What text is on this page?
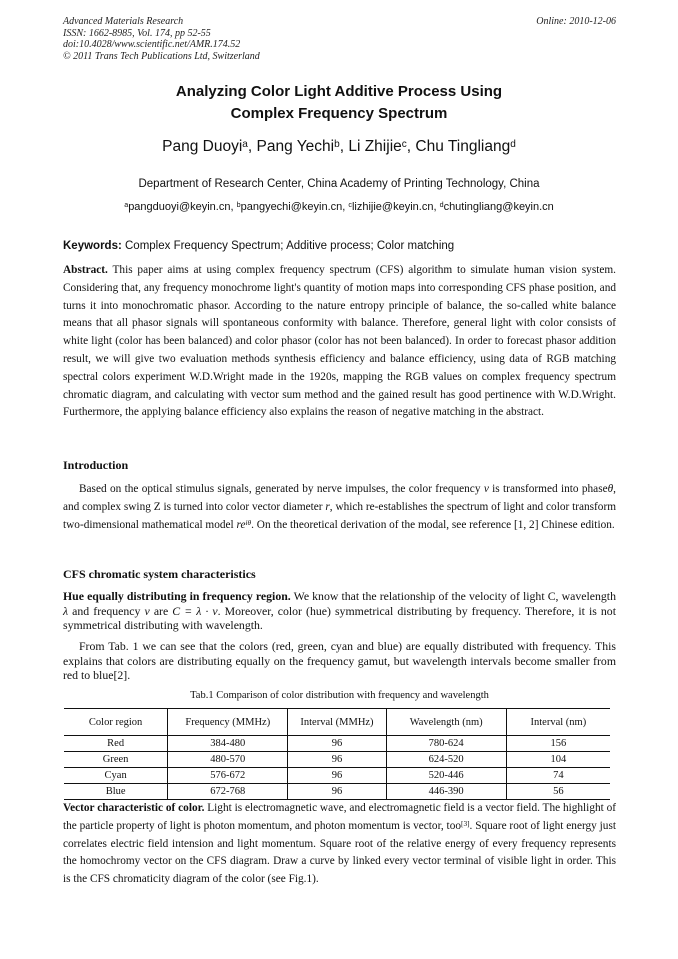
Advanced Materials Research
ISSN: 1662-8985, Vol. 174, pp 52-55
doi:10.4028/www.scientific.net/AMR.174.52
© 2011 Trans Tech Publications Ltd, Switzerland
Online: 2010-12-06
Analyzing Color Light Additive Process Using
Complex Frequency Spectrum
Pang Duoyi$^a$, Pang Yechi$^b$, Li Zhijie$^c$, Chu Tingliang$^d$
Department of Research Center, China Academy of Printing Technology, China
$^a$pangduoyi@keyin.cn, $^b$pangyechi@keyin.cn, $^c$lizhijie@keyin.cn, $^d$chutingliang@keyin.cn
Keywords: Complex Frequency Spectrum; Additive process; Color matching
Abstract. This paper aims at using complex frequency spectrum (CFS) algorithm to simulate human vision system. Considering that, any frequency monochrome light's quantity of motion maps into corresponding CFS phase position, and turns it into monochromatic phasor. According to the nature entropy principle of balance, the so-called white balance means that all phasor signals will spontaneous conformity with balance. Therefore, general light with color consists of white light (color has been balanced) and color phasor (color has not been balanced). In order to forecast phasor addition result, we will give two evaluation methods synthesis efficiency and balance efficiency, using data of RGB matching spectral colors experiment W.D.Wright made in the 1920s, mapping the RGB values on complex frequency spectrum chromatic diagram, and calculating with vector sum method and the gained result has good pertinence with W.D.Wright. Furthermore, the applying balance efficiency also explains the reason of negative matching in the abstract.
Introduction
Based on the optical stimulus signals, generated by nerve impulses, the color frequency ν is transformed into phaseθ, and complex swing Z is turned into color vector diameter r, which re-establishes the spectrum of light and color transform two-dimensional mathematical model $re^{i\theta}$. On the theoretical derivation of the modal, see reference [1, 2] Chinese edition.
CFS chromatic system characteristics
Hue equally distributing in frequency region. We know that the relationship of the velocity of light C, wavelength λ and frequency ν are C = λ · ν. Moreover, color (hue) symmetrical distributing by frequency. Therefore, it is not symmetrical distributing with wavelength.
From Tab. 1 we can see that the colors (red, green, cyan and blue) are equally distributed with frequency. This explains that colors are distributing equally on the frequency gamut, but wavelength intervals become smaller from red to blue[2].
Tab.1 Comparison of color distribution with frequency and wavelength
Color region	Frequency (MMHz)	Interval (MMHz)	Wavelength (nm)	Interval (nm)
Red	384-480	96	780-624	156
Green	480-570	96	624-520	104
Cyan	576-672	96	520-446	74
Blue	672-768	96	446-390	56
Vector characteristic of color. Light is electromagnetic wave, and electromagnetic field is a vector field. The highlight of the particle property of light is photon momentum, and photon momentum is vector, too[3]. Square root of light energy just correlates electric field intension and light momentum. Square root of the relative energy of every frequency represents the homochromy vector on the CFS diagram. Draw a curve by linked every vector terminal of visible light in order. This is the CFS chromaticity diagram of the color (see Fig.1).
